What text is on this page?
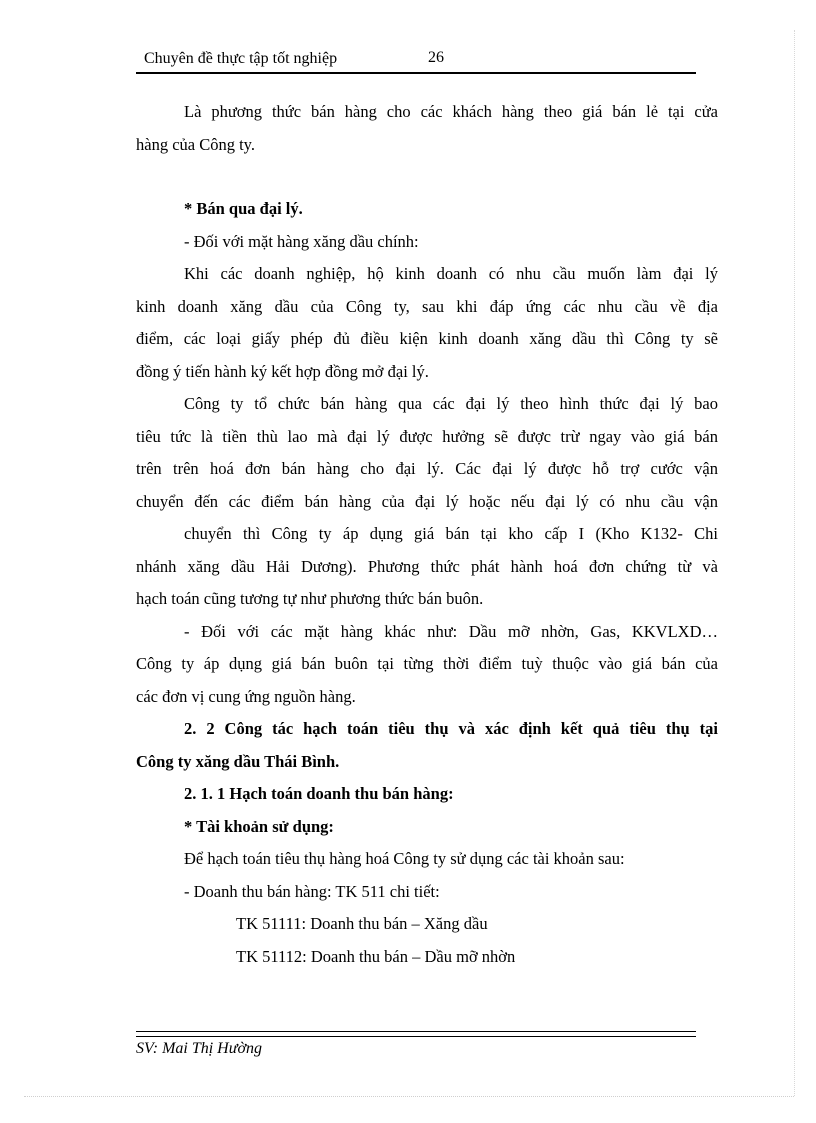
Chuyên đề thực tập tốt nghiệp	26

Là phương thức bán hàng cho các khách hàng theo giá bán lẻ tại cửa
hàng của Công ty.

* Bán qua đại lý.

- Đối với mặt hàng xăng dầu chính:

Khi các doanh nghiệp, hộ kinh doanh có nhu cầu muốn làm đại lý
kinh doanh xăng dầu của Công ty, sau khi đáp ứng các nhu cầu về địa
điểm, các loại giấy phép đủ điều kiện kinh doanh xăng dầu thì Công ty sẽ
đồng ý tiến hành ký kết hợp đồng mở đại lý.

Công ty tổ chức bán hàng qua các đại lý theo hình thức đại lý bao
tiêu tức là tiền thù lao mà đại lý được hưởng sẽ được trừ ngay vào giá bán
trên trên hoá đơn bán hàng cho đại lý. Các đại lý được hỗ trợ cước vận
chuyển đến các điểm bán hàng của đại lý hoặc nếu đại lý có nhu cầu vận

chuyển thì Công ty áp dụng giá bán tại kho cấp I (Kho K132- Chi
nhánh xăng dầu Hải Dương). Phương thức phát hành hoá đơn chứng từ và
hạch toán cũng tương tự như phương thức bán buôn.

- Đối với các mặt hàng khác như: Dầu mỡ nhờn, Gas, KKVLXD…
Công ty áp dụng giá bán buôn tại từng thời điểm tuỳ thuộc vào giá bán của
các đơn vị cung ứng nguồn hàng.

2. 2 Công tác hạch toán tiêu thụ và xác định kết quả tiêu thụ tại
Công ty xăng dầu Thái Bình.

2. 1. 1 Hạch toán doanh thu bán hàng:

* Tài khoản sử dụng:

Để hạch toán tiêu thụ hàng hoá Công ty sử dụng các tài khoản sau:

- Doanh thu bán hàng: TK 511 chi tiết:

TK 51111: Doanh thu bán – Xăng dầu

TK 51112: Doanh thu bán – Dầu mỡ nhờn

SV: Mai Thị Hường
